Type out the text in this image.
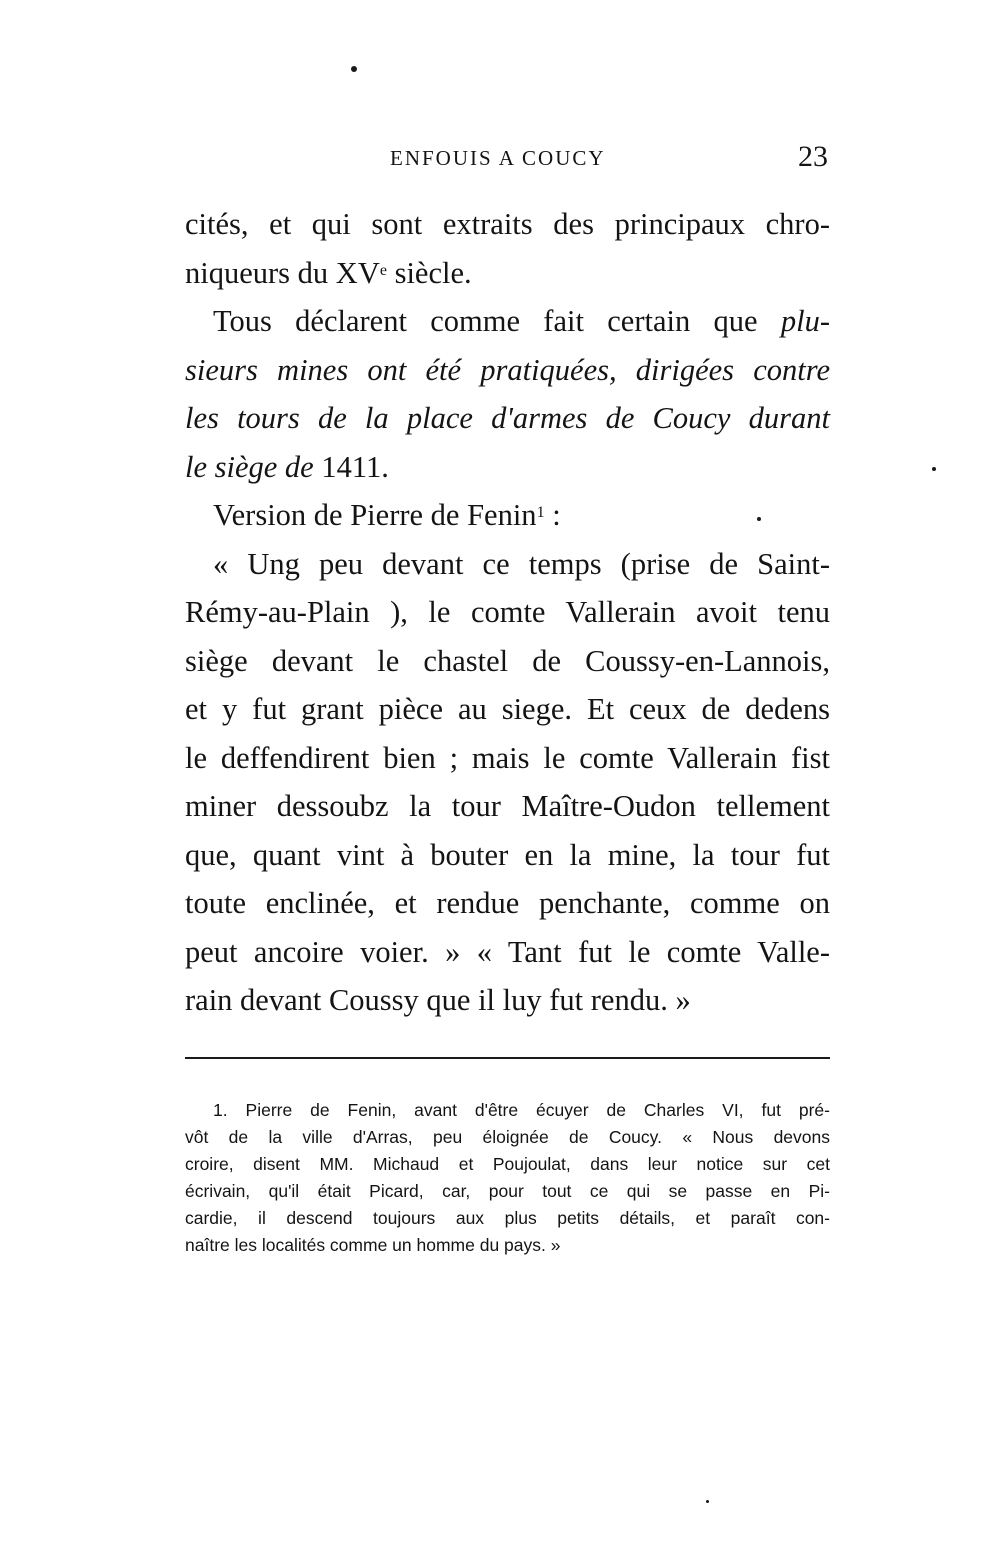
ENFOUIS A COUCY	23
cités, et qui sont extraits des principaux chro-
niqueurs du XVe siècle.
Tous déclarent comme fait certain que plu-
sieurs mines ont été pratiquées, dirigées contre
les tours de la place d'armes de Coucy durant
le siège de 1411.
Version de Pierre de Fenin$^1$ :
« Ung peu devant ce temps (prise de Saint-
Rémy-au-Plain ), le comte Vallerain avoit tenu
siège devant le chastel de Coussy-en-Lannois,
et y fut grant pièce au siege. Et ceux de dedens
le deffendirent bien ; mais le comte Vallerain fist
miner dessoubz la tour Maître-Oudon tellement
que, quant vint à bouter en la mine, la tour fut
toute enclinée, et rendue penchante, comme on
peut ancoire voier. » « Tant fut le comte Valle-
rain devant Coussy que il luy fut rendu. »
1. Pierre de Fenin, avant d'être écuyer de Charles VI, fut pré-
vôt de la ville d'Arras, peu éloignée de Coucy. « Nous devons
croire, disent MM. Michaud et Poujoulat, dans leur notice sur cet
écrivain, qu'il était Picard, car, pour tout ce qui se passe en Pi-
cardie, il descend toujours aux plus petits détails, et paraît con-
naître les localités comme un homme du pays. »
